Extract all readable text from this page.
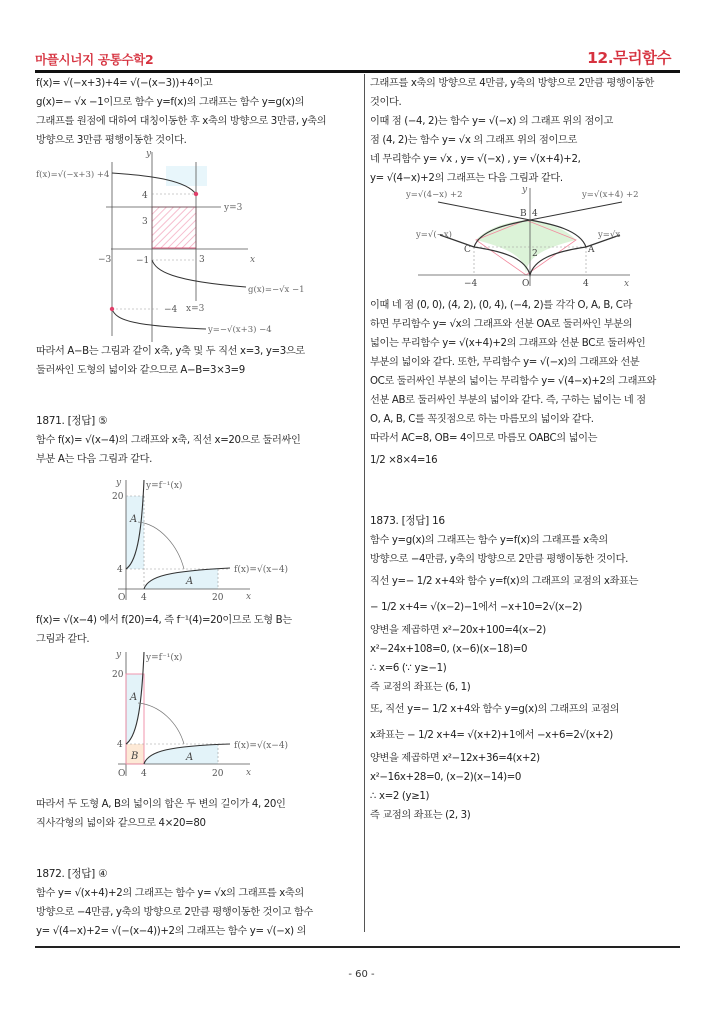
마플시너지 공통수학2	12.무리함수
f(x)= √(−x+3)+4= √(−(x−3))+4이고
g(x)=− √x −1이므로 함수 y=f(x)의 그래프는 함수 y=g(x)의
그래프를 원점에 대하여 대칭이동한 후 x축의 방향으로 3만큼, y축의
방향으로 3만큼 평행이동한 것이다.
y
x
f(x)=√(−x+3) +4
y=3
g(x)=−√x −1
x=3
y=−√(x+3) −4
4
3
−3	3
−1
−4
따라서 A−B는 그림과 같이 x축, y축 및 두 직선 x=3, y=3으로
둘러싸인 도형의 넓이와 같으므로 A−B=3×3=9
1871. [정답] ⑤
함수 f(x)= √(x−4)의 그래프와 x축, 직선 x=20으로 둘러싸인
부분 A는 다음 그림과 같다.
y=f⁻¹(x)
y
x
f(x)=√(x−4)
A
A
20
4
O 4	20
f(x)= √(x−4) 에서 f(20)=4, 즉 f⁻¹(4)=20이므로 도형 B는
그림과 같다.
y=f⁻¹(x)
y
x
f(x)=√(x−4)
A
A
B
20
4
O 4	20
따라서 두 도형 A, B의 넓이의 합은 두 변의 길이가 4, 20인
직사각형의 넓이와 같으므로 4×20=80
1872. [정답] ④
함수 y= √(x+4)+2의 그래프는 함수 y= √x의 그래프를 x축의
방향으로 −4만큼, y축의 방향으로 2만큼 평행이동한 것이고 함수
y= √(4−x)+2= √(−(x−4))+2의 그래프는 함수 y= √(−x) 의
그래프를 x축의 방향으로 4만큼, y축의 방향으로 2만큼 평행이동한
것이다.
이때 점 (−4, 2)는 함수 y= √(−x) 의 그래프 위의 점이고
점 (4, 2)는 함수 y= √x 의 그래프 위의 점이므로
네 무리함수 y= √x , y= √(−x) , y= √(x+4)+2,
y= √(4−x)+2의 그래프는 다음 그림과 같다.
y=√(4−x) +2	y=√(x+4) +2
y=√(−x)	y=√x
y
x
B 4
C	A
2
−4	O	4
이때 네 점 (0, 0), (4, 2), (0, 4), (−4, 2)를 각각 O, A, B, C라
하면 무리함수 y= √x의 그래프와 선분 OA로 둘러싸인 부분의
넓이는 무리함수 y= √(x+4)+2의 그래프와 선분 BC로 둘러싸인
부분의 넓이와 같다. 또한, 무리함수 y= √(−x)의 그래프와 선분
OC로 둘러싸인 부분의 넓이는 무리함수 y= √(4−x)+2의 그래프와
선분 AB로 둘러싸인 부분의 넓이와 같다. 즉, 구하는 넓이는 네 점
O, A, B, C를 꼭짓점으로 하는 마름모의 넓이와 같다.
따라서 AC=8, OB= 4이므로 마름모 OABC의 넓이는
1/2 ×8×4=16
1873. [정답] 16
함수 y=g(x)의 그래프는 함수 y=f(x)의 그래프를 x축의
방향으로 −4만큼, y축의 방향으로 2만큼 평행이동한 것이다.
직선 y=− 1/2 x+4와 함수 y=f(x)의 그래프의 교점의 x좌표는
− 1/2 x+4= √(x−2)−1에서 −x+10=2√(x−2)
양변을 제곱하면 x²−20x+100=4(x−2)
x²−24x+108=0, (x−6)(x−18)=0
∴ x=6 (∵ y≥−1)
즉 교점의 좌표는 (6, 1)
또, 직선 y=− 1/2 x+4와 함수 y=g(x)의 그래프의 교점의
x좌표는 − 1/2 x+4= √(x+2)+1에서 −x+6=2√(x+2)
양변을 제곱하면 x²−12x+36=4(x+2)
x²−16x+28=0, (x−2)(x−14)=0
∴ x=2 (y≥1)
즉 교점의 좌표는 (2, 3)
- 60 -
